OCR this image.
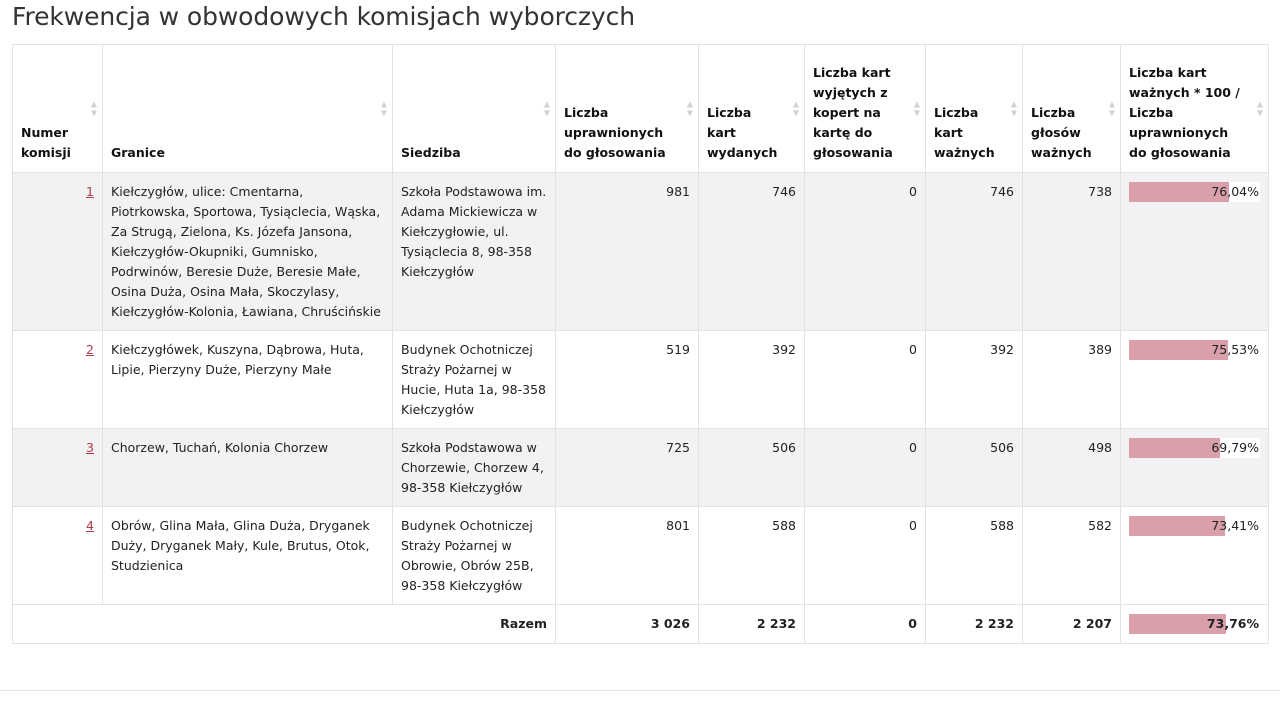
Frekwencja w obwodowych komisjach wyborczych
Numer komisji
▲
▼	Granice
▲
▼	Siedziba
▲
▼	Liczba uprawnionych do głosowania
▲
▼	Liczba kart wydanych
▲
▼	Liczba kart wyjętych z kopert na kartę do głosowania
▲
▼	Liczba kart ważnych
▲
▼	Liczba głosów ważnych
▲
▼	Liczba kart ważnych * 100 / Liczba uprawnionych do głosowania
▲
▼

1	Kiełczygłów, ulice: Cmentarna, Piotrkowska, Sportowa, Tysiąclecia, Wąska, Za Strugą, Zielona, Ks. Józefa Jansona, Kiełczygłów-Okupniki, Gumnisko, Podrwinów, Beresie Duże, Beresie Małe, Osina Duża, Osina Mała, Skoczylasy, Kiełczygłów-Kolonia, Ławiana, Chruścińskie	Szkoła Podstawowa im. Adama Mickiewicza w Kiełczygłowie, ul. Tysiąclecia 8, 98-358 Kiełczygłów	981	746	0	746	738	76,04%

2	Kiełczygłówek, Kuszyna, Dąbrowa, Huta, Lipie, Pierzyny Duże, Pierzyny Małe	Budynek Ochotniczej Straży Pożarnej w Hucie, Huta 1a, 98-358 Kiełczygłów	519	392	0	392	389	75,53%

3	Chorzew, Tuchań, Kolonia Chorzew	Szkoła Podstawowa w Chorzewie, Chorzew 4, 98-358 Kiełczygłów	725	506	0	506	498	69,79%

4	Obrów, Glina Mała, Glina Duża, Dryganek Duży, Dryganek Mały, Kule, Brutus, Otok, Studzienica	Budynek Ochotniczej Straży Pożarnej w Obrowie, Obrów 25B, 98-358 Kiełczygłów	801	588	0	588	582	73,41%

Razem			3 026	2 232	0	2 232	2 207	73,76%
